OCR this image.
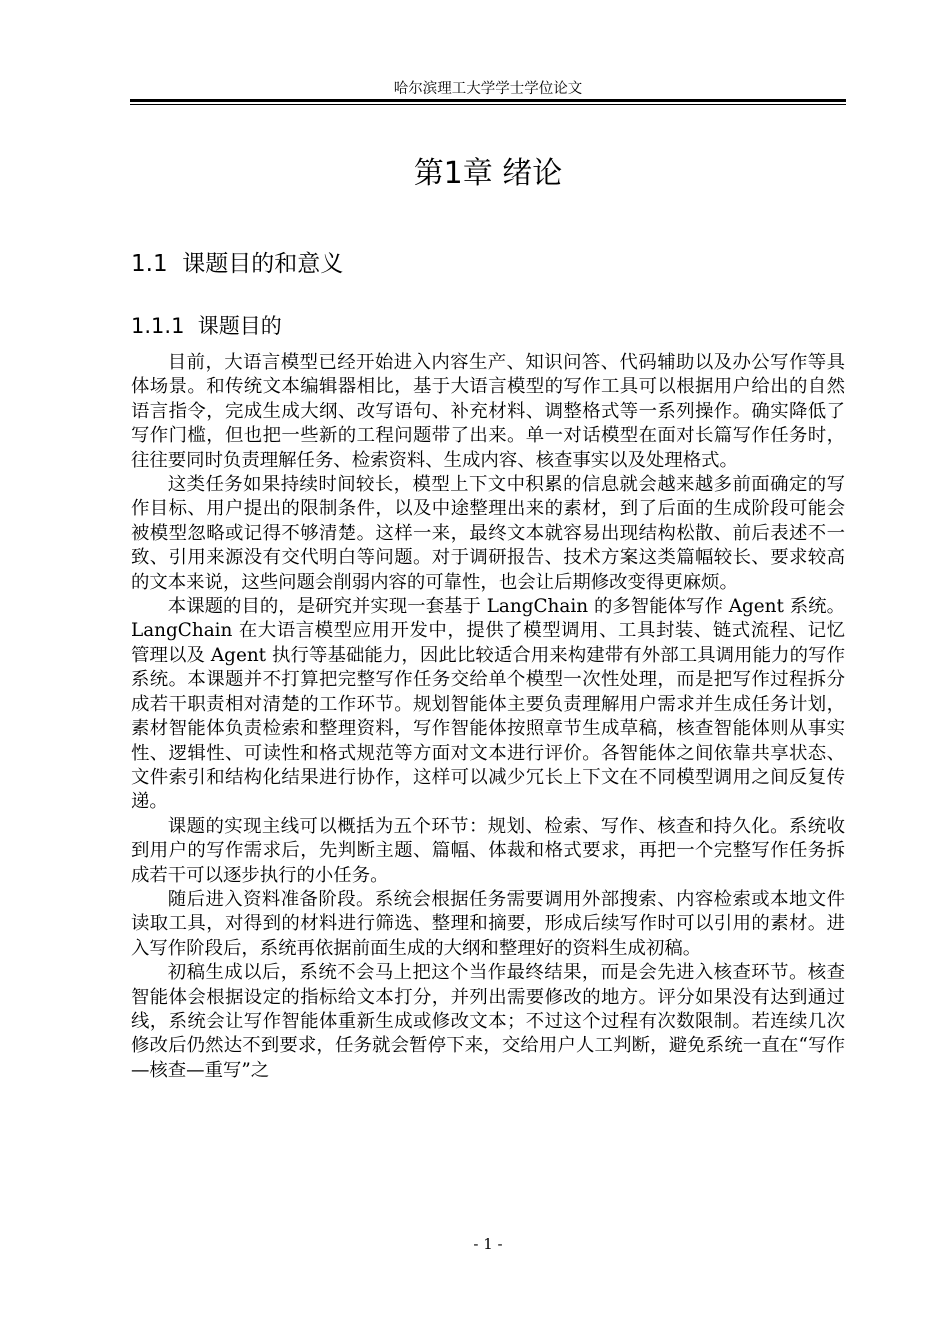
哈尔滨理工大学学士学位论文
第1章 绪论
1.1  课题目的和意义
1.1.1  课题目的

目前，大语言模型已经开始进入内容生产、知识问答、代码辅助以及办公写作等具体场景。和传统文本编辑器相比，基于大语言模型的写作工具可以根据用户给出的自然语言指令，完成生成大纲、改写语句、补充材料、调整格式等一系列操作。确实降低了写作门槛，但也把一些新的工程问题带了出来。单一对话模型在面对长篇写作任务时，往往要同时负责理解任务、检索资料、生成内容、核查事实以及处理格式。

这类任务如果持续时间较长，模型上下文中积累的信息就会越来越多前面确定的写作目标、用户提出的限制条件，以及中途整理出来的素材，到了后面的生成阶段可能会被模型忽略或记得不够清楚。这样一来，最终文本就容易出现结构松散、前后表述不一致、引用来源没有交代明白等问题。对于调研报告、技术方案这类篇幅较长、要求较高的文本来说，这些问题会削弱内容的可靠性，也会让后期修改变得更麻烦。

本课题的目的，是研究并实现一套基于 LangChain 的多智能体写作 Agent 系统。LangChain 在大语言模型应用开发中，提供了模型调用、工具封装、链式流程、记忆管理以及 Agent 执行等基础能力，因此比较适合用来构建带有外部工具调用能力的写作系统。本课题并不打算把完整写作任务交给单个模型一次性处理，而是把写作过程拆分成若干职责相对清楚的工作环节。规划智能体主要负责理解用户需求并生成任务计划，素材智能体负责检索和整理资料，写作智能体按照章节生成草稿，核查智能体则从事实性、逻辑性、可读性和格式规范等方面对文本进行评价。各智能体之间依靠共享状态、文件索引和结构化结果进行协作，这样可以减少冗长上下文在不同模型调用之间反复传递。

课题的实现主线可以概括为五个环节：规划、检索、写作、核查和持久化。系统收到用户的写作需求后，先判断主题、篇幅、体裁和格式要求，再把一个完整写作任务拆成若干可以逐步执行的小任务。

随后进入资料准备阶段。系统会根据任务需要调用外部搜索、内容检索或本地文件读取工具，对得到的材料进行筛选、整理和摘要，形成后续写作时可以引用的素材。进入写作阶段后，系统再依据前面生成的大纲和整理好的资料生成初稿。

初稿生成以后，系统不会马上把这个当作最终结果，而是会先进入核查环节。核查智能体会根据设定的指标给文本打分，并列出需要修改的地方。评分如果没有达到通过线，系统会让写作智能体重新生成或修改文本；不过这个过程有次数限制。若连续几次修改后仍然达不到要求，任务就会暂停下来，交给用户人工判断，避免系统一直在“写作—核查—重写”之

- 1 -
